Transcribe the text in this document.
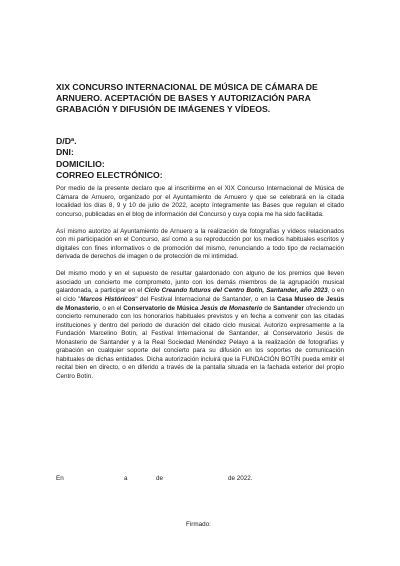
XIX CONCURSO INTERNACIONAL DE MÚSICA DE CÁMARA DE ARNUERO. ACEPTACIÓN DE BASES Y AUTORIZACIÓN PARA GRABACIÓN Y DIFUSIÓN DE IMÁGENES Y VÍDEOS.
D/Dª.
DNI:
DOMICILIO:
CORREO ELECTRÓNICO:

Por medio de la presente declaro que al inscribirme en el XIX Concurso Internacional de Música de Cámara de Arnuero, organizado por el Ayuntamiento de Arnuero y que se celebrará en la citada localidad los días 8, 9 y 10 de julio de 2022, acepto íntegramente las Bases que regulan el citado concurso, publicadas en el blog de información del Concurso y cuya copia me ha sido facilitada.

Así mismo autorizo al Ayuntamiento de Arnuero a la realización de fotografías y vídeos relacionados con mi participación en el Concurso, así como a su reproducción por los medios habituales escritos y digitales con fines informativos o de promoción del mismo, renunciando a todo tipo de reclamación derivada de derechos de imagen o de protección de mi intimidad.

Del mismo modo y en el supuesto de resultar galardonado con alguno de los premios que lleven asociado un concierto me comprometo, junto con los demás miembros de la agrupación musical galardonada, a participar en el Ciclo Creando futuros del Centro Botín, Santander, año 2023, o en el ciclo "Marcos Históricos" del Festival Internacional de Santander, o en la Casa Museo de Jesús de Monasterio, o en el Conservatorio de Música Jesús de Monasterio de Santander ofreciendo un concierto remunerado con los honorarios habituales previstos y en fecha a convenir con las citadas instituciones y dentro del periodo de duración del citado ciclo musical. Autorizo expresamente a la Fundación Marcelino Botín, al Festival Internacional de Santander, al Conservatorio Jesús de Monasterio de Santander y a la Real Sociedad Menéndez Pelayo a la realización de fotografías y grabación en cualquier soporte del concierto para su difusión en los soportes de comunicación habituales de dichas entidades. Dicha autorización incluirá que la FUNDACIÓN BOTÍN pueda emitir el recital bien en directo, o en diferido a través de la pantalla situada en la fachada exterior del propio Centro Botín.

En	a	de	de 2022.
Firmado:
